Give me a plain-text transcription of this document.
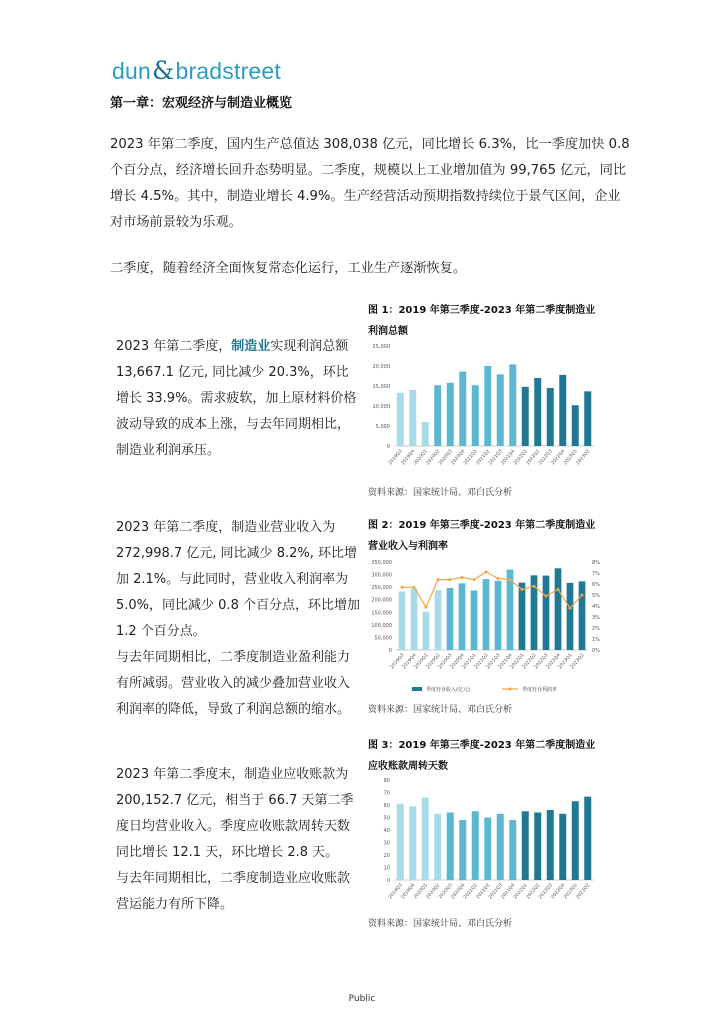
dun&bradstreet
第一章：宏观经济与制造业概览

2023 年第二季度，国内生产总值达 308,038 亿元，同比增长 6.3%，比一季度加快 0.8 个百分点，经济增长回升态势明显。二季度，规模以上工业增加值为 99,765 亿元，同比增长 4.5%。其中，制造业增长 4.9%。生产经营活动预期指数持续位于景气区间，企业对市场前景较为乐观。

二季度，随着经济全面恢复常态化运行，工业生产逐渐恢复。

2023 年第二季度，制造业实现利润总额 13,667.1 亿元, 同比减少 20.3%，环比增长 33.9%。需求疲软，加上原材料价格波动导致的成本上涨，与去年同期相比，制造业利润承压。

图 1：2019 年第三季度-2023 年第二季度制造业
利润总额
0
5,000
10,000
15,000
20,000
25,000
2019Q3
2019Q4
2020Q1
2020Q2
2020Q3
2020Q4
2021Q1
2021Q2
2021Q3
2021Q4
2022Q1
2022Q2
2022Q3
2022Q4
2023Q1
2023Q2
资料来源：国家统计局、邓白氏分析

2023 年第二季度，制造业营业收入为 272,998.7 亿元, 同比减少 8.2%, 环比增加 2.1%。与此同时，营业收入利润率为 5.0%，同比减少 0.8 个百分点，环比增加 1.2 个百分点。

与去年同期相比，二季度制造业盈利能力有所减弱。营业收入的减少叠加营业收入利润率的降低，导致了利润总额的缩水。

图 2：2019 年第三季度-2023 年第二季度制造业
营业收入与利润率
0
50,000
100,000
150,000
200,000
250,000
300,000
350,000
2019Q3
2019Q4
2020Q1
2020Q2
2020Q3
2020Q4
2021Q1
2021Q2
2021Q3
2021Q4
2022Q1
2022Q2
2022Q3
2022Q4
2023Q1
2023Q2
0%
1%
2%
3%
4%
5%
6%
7%
8%
季度营业收入(亿元)	季度营业利润率
资料来源：国家统计局、邓白氏分析

2023 年第二季度末，制造业应收账款为 200,152.7 亿元，相当于 66.7 天第二季度日均营业收入。季度应收账款周转天数同比增长 12.1 天，环比增长 2.8 天。

与去年同期相比，二季度制造业应收账款营运能力有所下降。

图 3：2019 年第三季度-2023 年第二季度制造业
应收账款周转天数
0
10
20
30
40
50
60
70
80
2019Q3
2019Q4
2020Q1
2020Q2
2020Q3
2020Q4
2021Q1
2021Q2
2021Q3
2021Q4
2022Q1
2022Q2
2022Q3
2022Q4
2023Q1
2023Q2
资料来源：国家统计局、邓白氏分析
Public
